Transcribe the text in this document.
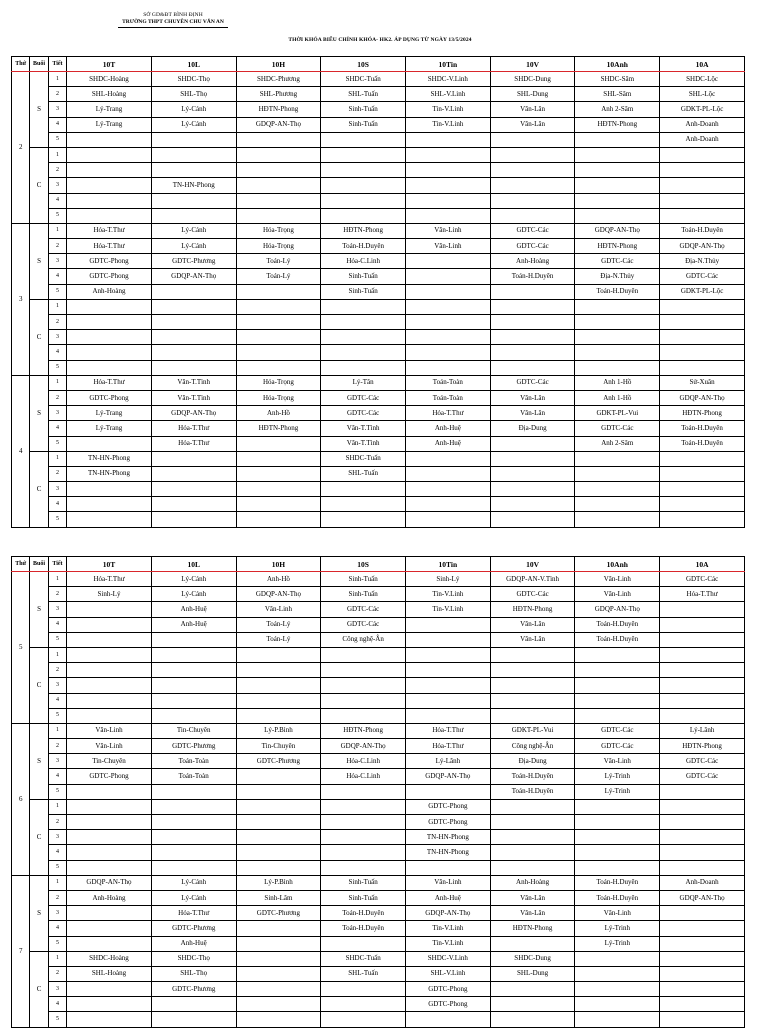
SỞ GD&ĐT BÌNH ĐỊNH
TRƯỜNG THPT CHUYÊN CHU VĂN AN
THỜI KHÓA BIỂU CHÍNH KHÓA- HK2. ÁP DỤNG TỪ NGÀY 13/5/2024
Thứ	Buổi	Tiết	10T	10L	10H	10S	10Tin	10V	10Anh	10A
2	S	1	SHDC-Hoàng	SHDC-Thọ	SHDC-Phương	SHDC-Tuấn	SHDC-V.Linh	SHDC-Dung	SHDC-Sâm	SHDC-Lộc
		2	SHL-Hoàng	SHL-Thọ	SHL-Phương	SHL-Tuấn	SHL-V.Linh	SHL-Dung	SHL-Sâm	SHL-Lộc
		3	Lý-Trang	Lý-Cảnh	HĐTN-Phong	Sinh-Tuấn	Tin-V.Linh	Văn-Lân	Anh 2-Sâm	GDKT-PL-Lộc
		4	Lý-Trang	Lý-Cảnh	GDQP-AN-Thọ	Sinh-Tuấn	Tin-V.Linh	Văn-Lân	HĐTN-Phong	Anh-Doanh
		5								Anh-Doanh
	C	1								
		2								
		3		TN-HN-Phong						
		4								
		5								
3	S	1	Hóa-T.Thư	Lý-Cảnh	Hóa-Trọng	HĐTN-Phong	Văn-Linh	GDTC-Các	GDQP-AN-Thọ	Toán-H.Duyên
		2	Hóa-T.Thư	Lý-Cảnh	Hóa-Trọng	Toán-H.Duyên	Văn-Linh	GDTC-Các	HĐTN-Phong	GDQP-AN-Thọ
		3	GDTC-Phong	GDTC-Phương	Toán-Lý	Hóa-C.Linh		Anh-Hoàng	GDTC-Các	Địa-N.Thủy
		4	GDTC-Phong	GDQP-AN-Thọ	Toán-Lý	Sinh-Tuấn		Toán-H.Duyên	Địa-N.Thủy	GDTC-Các
		5	Anh-Hoàng			Sinh-Tuấn			Toán-H.Duyên	GDKT-PL-Lộc
	C	1								
		2								
		3								
		4								
		5								
4	S	1	Hóa-T.Thư	Văn-T.Tình	Hóa-Trọng	Lý-Tân	Toán-Toàn	GDTC-Các	Anh 1-Hồ	Sử-Xuân
		2	GDTC-Phong	Văn-T.Tình	Hóa-Trọng	GDTC-Các	Toán-Toàn	Văn-Lân	Anh 1-Hồ	GDQP-AN-Thọ
		3	Lý-Trang	GDQP-AN-Thọ	Anh-Hồ	GDTC-Các	Hóa-T.Thư	Văn-Lân	GDKT-PL-Vui	HĐTN-Phong
		4	Lý-Trang	Hóa-T.Thư	HĐTN-Phong	Văn-T.Tình	Anh-Huệ	Địa-Dung	GDTC-Các	Toán-H.Duyên
		5		Hóa-T.Thư		Văn-T.Tình	Anh-Huệ		Anh 2-Sâm	Toán-H.Duyên
	C	1	TN-HN-Phong			SHDC-Tuấn				
		2	TN-HN-Phong			SHL-Tuấn				
		3								
		4								
		5								
Thứ	Buổi	Tiết	10T	10L	10H	10S	10Tin	10V	10Anh	10A
5	S	1	Hóa-T.Thư	Lý-Cảnh	Anh-Hồ	Sinh-Tuấn	Sinh-Lý	GDQP-AN-V.Tình	Văn-Linh	GDTC-Các
		2	Sinh-Lý	Lý-Cảnh	GDQP-AN-Thọ	Sinh-Tuấn	Tin-V.Linh	GDTC-Các	Văn-Linh	Hóa-T.Thư
		3		Anh-Huệ	Văn-Linh	GDTC-Các	Tin-V.Linh	HĐTN-Phong	GDQP-AN-Thọ	
		4		Anh-Huệ	Toán-Lý	GDTC-Các		Văn-Lân	Toán-H.Duyên	
		5			Toán-Lý	Công nghệ-Ân		Văn-Lân	Toán-H.Duyên	
	C	1								
		2								
		3								
		4								
		5								
6	S	1	Văn-Linh	Tin-Chuyên	Lý-P.Bình	HĐTN-Phong	Hóa-T.Thư	GDKT-PL-Vui	GDTC-Các	Lý-Lãnh
		2	Văn-Linh	GDTC-Phương	Tin-Chuyên	GDQP-AN-Thọ	Hóa-T.Thư	Công nghệ-Ân	GDTC-Các	HĐTN-Phong
		3	Tin-Chuyên	Toán-Toàn	GDTC-Phương	Hóa-C.Linh	Lý-Lãnh	Địa-Dung	Văn-Linh	GDTC-Các
		4	GDTC-Phong	Toán-Toàn		Hóa-C.Linh	GDQP-AN-Thọ	Toán-H.Duyên	Lý-Trinh	GDTC-Các
		5						Toán-H.Duyên	Lý-Trinh	
	C	1					GDTC-Phong			
		2					GDTC-Phong			
		3					TN-HN-Phong			
		4					TN-HN-Phong			
		5								
7	S	1	GDQP-AN-Thọ	Lý-Cảnh	Lý-P.Bình	Sinh-Tuấn	Văn-Linh	Anh-Hoàng	Toán-H.Duyên	Anh-Doanh
		2	Anh-Hoàng	Lý-Cảnh	Sinh-Lâm	Sinh-Tuấn	Anh-Huệ	Văn-Lân	Toán-H.Duyên	GDQP-AN-Thọ
		3		Hóa-T.Thư	GDTC-Phương	Toán-H.Duyên	GDQP-AN-Thọ	Văn-Lân	Văn-Linh	
		4		GDTC-Phương		Toán-H.Duyên	Tin-V.Linh	HĐTN-Phong	Lý-Trinh	
		5		Anh-Huệ			Tin-V.Linh		Lý-Trinh	
	C	1	SHDC-Hoàng	SHDC-Thọ		SHDC-Tuấn	SHDC-V.Linh	SHDC-Dung		
		2	SHL-Hoàng	SHL-Thọ		SHL-Tuấn	SHL-V.Linh	SHL-Dung		
		3		GDTC-Phương			GDTC-Phong			
		4					GDTC-Phong			
		5								
